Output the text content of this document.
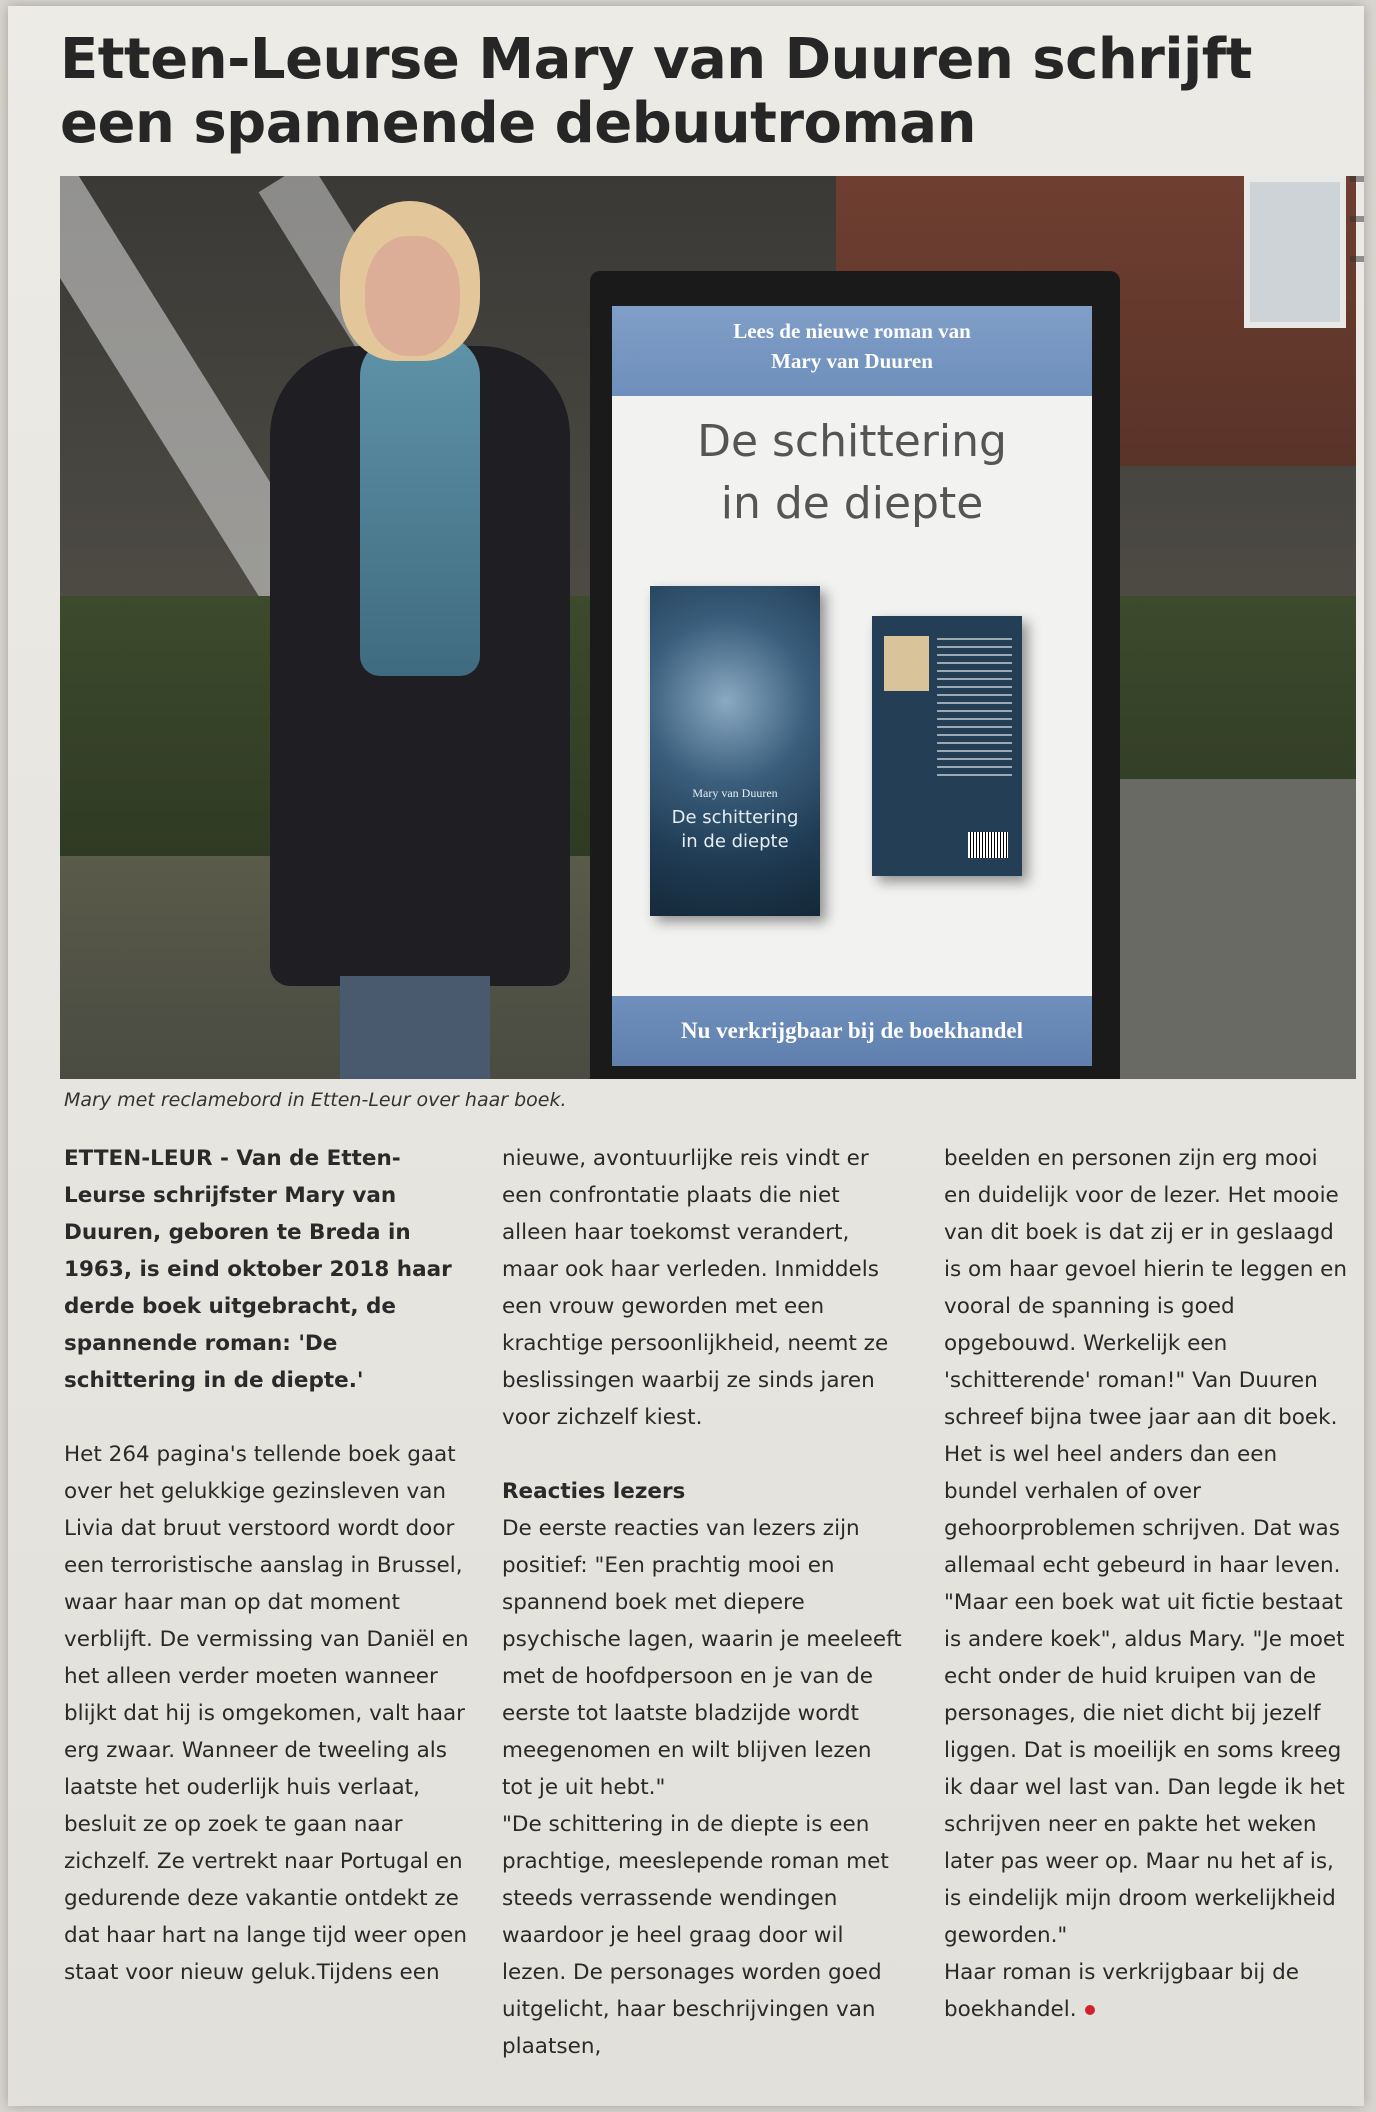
Etten-Leurse Mary van Duuren schrijft
een spannende debuutroman
Lees de nieuwe roman van
Mary van Duuren

De schittering
in de diepte

Mary van Duuren
De schittering
in de diepte
Nu verkrijgbaar bij de boekhandel

Mary met reclamebord in Etten-Leur over haar boek.

ETTEN-LEUR - Van de Etten-Leurse schrijfster Mary van Duuren, geboren te Breda in 1963, is eind oktober 2018 haar derde boek uitgebracht, de spannende roman: 'De schittering in de diepte.'

Het 264 pagina's tellende boek gaat over het gelukkige gezinsleven van Livia dat bruut verstoord wordt door een terroristische aanslag in Brussel, waar haar man op dat moment verblijft. De vermissing van Daniël en het alleen verder moeten wanneer blijkt dat hij is omgekomen, valt haar erg zwaar. Wanneer de tweeling als laatste het ouderlijk huis verlaat, besluit ze op zoek te gaan naar zichzelf. Ze vertrekt naar Portugal en gedurende deze vakantie ontdekt ze dat haar hart na lange tijd weer open staat voor nieuw geluk.Tijdens een

nieuwe, avontuurlijke reis vindt er een confrontatie plaats die niet alleen haar toekomst verandert, maar ook haar verleden. Inmiddels een vrouw geworden met een krachtige persoonlijkheid, neemt ze beslissingen waarbij ze sinds jaren voor zichzelf kiest.

Reacties lezers

De eerste reacties van lezers zijn positief: "Een prachtig mooi en spannend boek met diepere psychische lagen, waarin je meeleeft met de hoofdpersoon en je van de eerste tot laatste bladzijde wordt meegenomen en wilt blijven lezen tot je uit hebt."

"De schittering in de diepte is een prachtige, meeslepende roman met steeds verrassende wendingen waardoor je heel graag door wil lezen. De personages worden goed uitgelicht, haar beschrijvingen van plaatsen,

beelden en personen zijn erg mooi en duidelijk voor de lezer. Het mooie van dit boek is dat zij er in geslaagd is om haar gevoel hierin te leggen en vooral de spanning is goed opgebouwd. Werkelijk een 'schitterende' roman!" Van Duuren schreef bijna twee jaar aan dit boek. Het is wel heel anders dan een bundel verhalen of over gehoorproblemen schrijven. Dat was allemaal echt gebeurd in haar leven. "Maar een boek wat uit fictie bestaat is andere koek", aldus Mary. "Je moet echt onder de huid kruipen van de personages, die niet dicht bij jezelf liggen. Dat is moeilijk en soms kreeg ik daar wel last van. Dan legde ik het schrijven neer en pakte het weken later pas weer op. Maar nu het af is, is eindelijk mijn droom werkelijkheid geworden."

Haar roman is verkrijgbaar bij de boekhandel.
